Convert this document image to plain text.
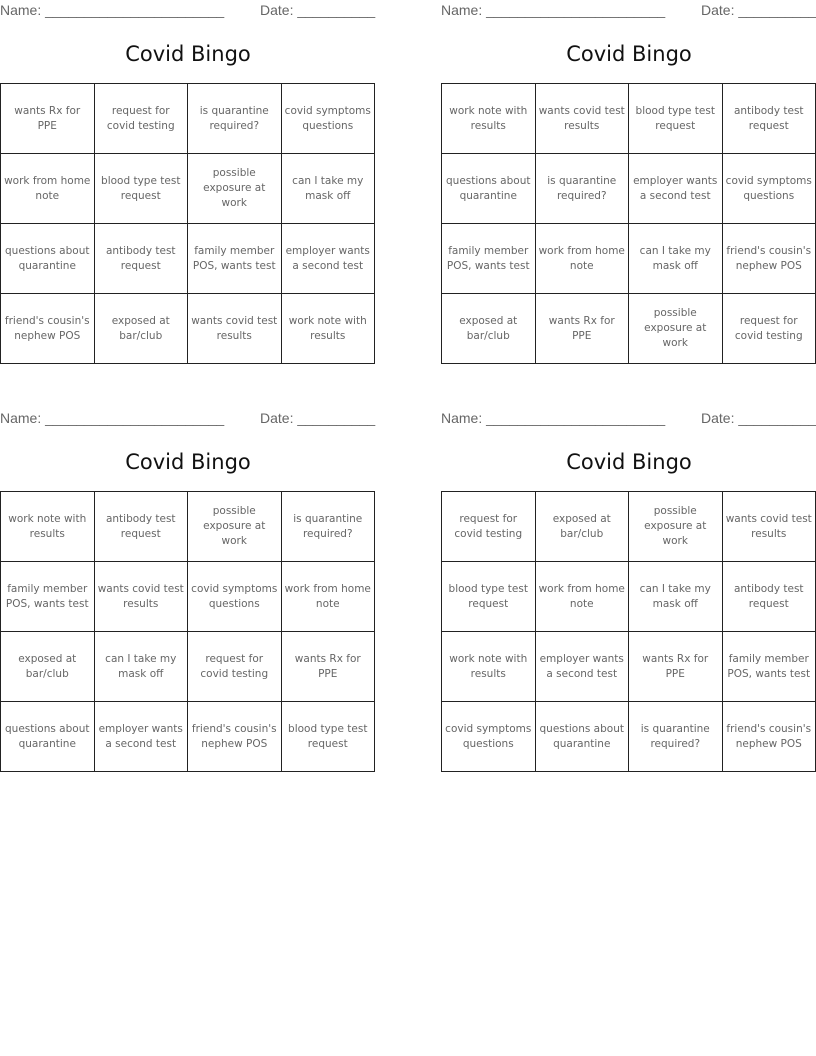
Name: _______________________	Date: __________
Covid Bingo
wants Rx for PPE	request for covid testing	is quarantine required?	covid symptoms questions
work from home note	blood type test request	possible exposure at work	can I take my mask off
questions about quarantine	antibody test request	family member POS, wants test	employer wants a second test
friend's cousin's nephew POS	exposed at bar/club	wants covid test results	work note with results
Name: _______________________	Date: __________
Covid Bingo
work note with results	wants covid test results	blood type test request	antibody test request
questions about quarantine	is quarantine required?	employer wants a second test	covid symptoms questions
family member POS, wants test	work from home note	can I take my mask off	friend's cousin's nephew POS
exposed at bar/club	wants Rx for PPE	possible exposure at work	request for covid testing
Name: _______________________	Date: __________
Covid Bingo
work note with results	antibody test request	possible exposure at work	is quarantine required?
family member POS, wants test	wants covid test results	covid symptoms questions	work from home note
exposed at bar/club	can I take my mask off	request for covid testing	wants Rx for PPE
questions about quarantine	employer wants a second test	friend's cousin's nephew POS	blood type test request
Name: _______________________	Date: __________
Covid Bingo
request for covid testing	exposed at bar/club	possible exposure at work	wants covid test results
blood type test request	work from home note	can I take my mask off	antibody test request
work note with results	employer wants a second test	wants Rx for PPE	family member POS, wants test
covid symptoms questions	questions about quarantine	is quarantine required?	friend's cousin's nephew POS
